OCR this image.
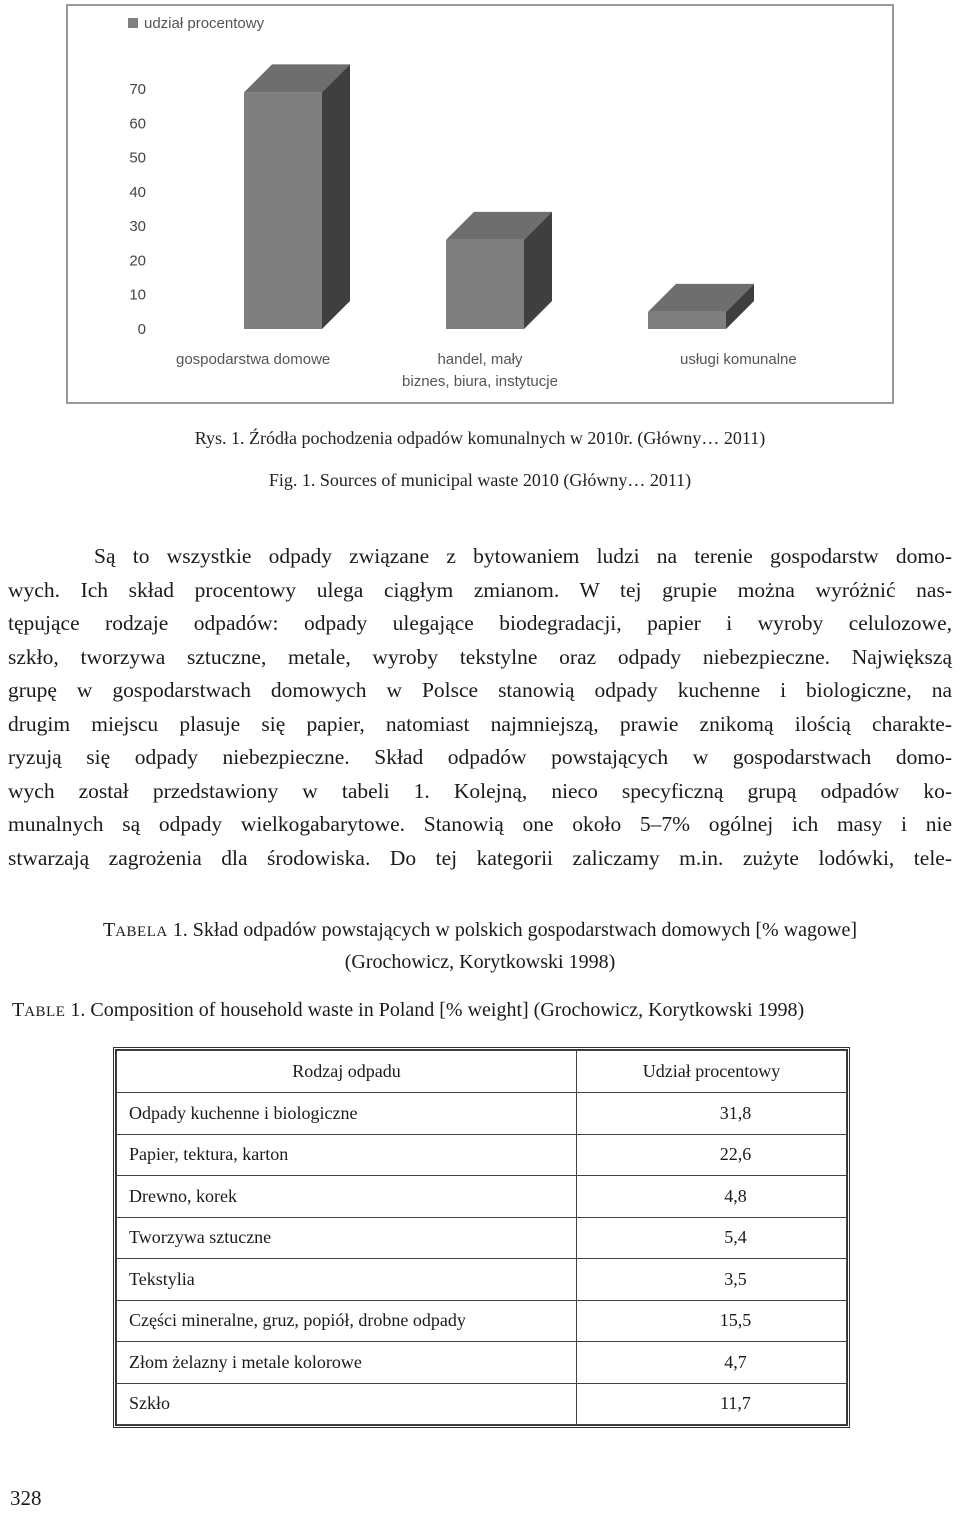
udział procentowy
0
10
20
30
40
50
60
70
gospodarstwa domowe	handel, mały
biznes, biura, instytucje
usługi komunalne
Rys. 1. Źródła pochodzenia odpadów komunalnych w 2010r. (Główny… 2011)
Fig. 1. Sources of municipal waste 2010 (Główny… 2011)
Są to wszystkie odpady związane z bytowaniem ludzi na terenie gospodarstw domo-
wych. Ich skład procentowy ulega ciągłym zmianom. W tej grupie można wyróżnić nas-
tępujące rodzaje odpadów: odpady ulegające biodegradacji, papier i wyroby celulozowe,
szkło, tworzywa sztuczne, metale, wyroby tekstylne oraz odpady niebezpieczne. Największą
grupę w gospodarstwach domowych w Polsce stanowią odpady kuchenne i biologiczne, na
drugim miejscu plasuje się papier, natomiast najmniejszą, prawie znikomą ilością charakte-
ryzują się odpady niebezpieczne. Skład odpadów powstających w gospodarstwach domo-
wych został przedstawiony w tabeli 1. Kolejną, nieco specyficzną grupą odpadów ko-
munalnych są odpady wielkogabarytowe. Stanowią one około 5–7% ogólnej ich masy i nie
stwarzają zagrożenia dla środowiska. Do tej kategorii zaliczamy m.in. zużyte lodówki, tele-
TABELA 1. Skład odpadów powstających w polskich gospodarstwach domowych [% wagowe]
(Grochowicz, Korytkowski 1998)
TABLE 1. Composition of household waste in Poland [% weight] (Grochowicz, Korytkowski 1998)
Rodzaj odpadu	Udział procentowy
Odpady kuchenne i biologiczne	31,8
Papier, tektura, karton	22,6
Drewno, korek	4,8
Tworzywa sztuczne	5,4
Tekstylia	3,5
Części mineralne, gruz, popiół, drobne odpady	15,5
Złom żelazny i metale kolorowe	4,7
Szkło	11,7
328
